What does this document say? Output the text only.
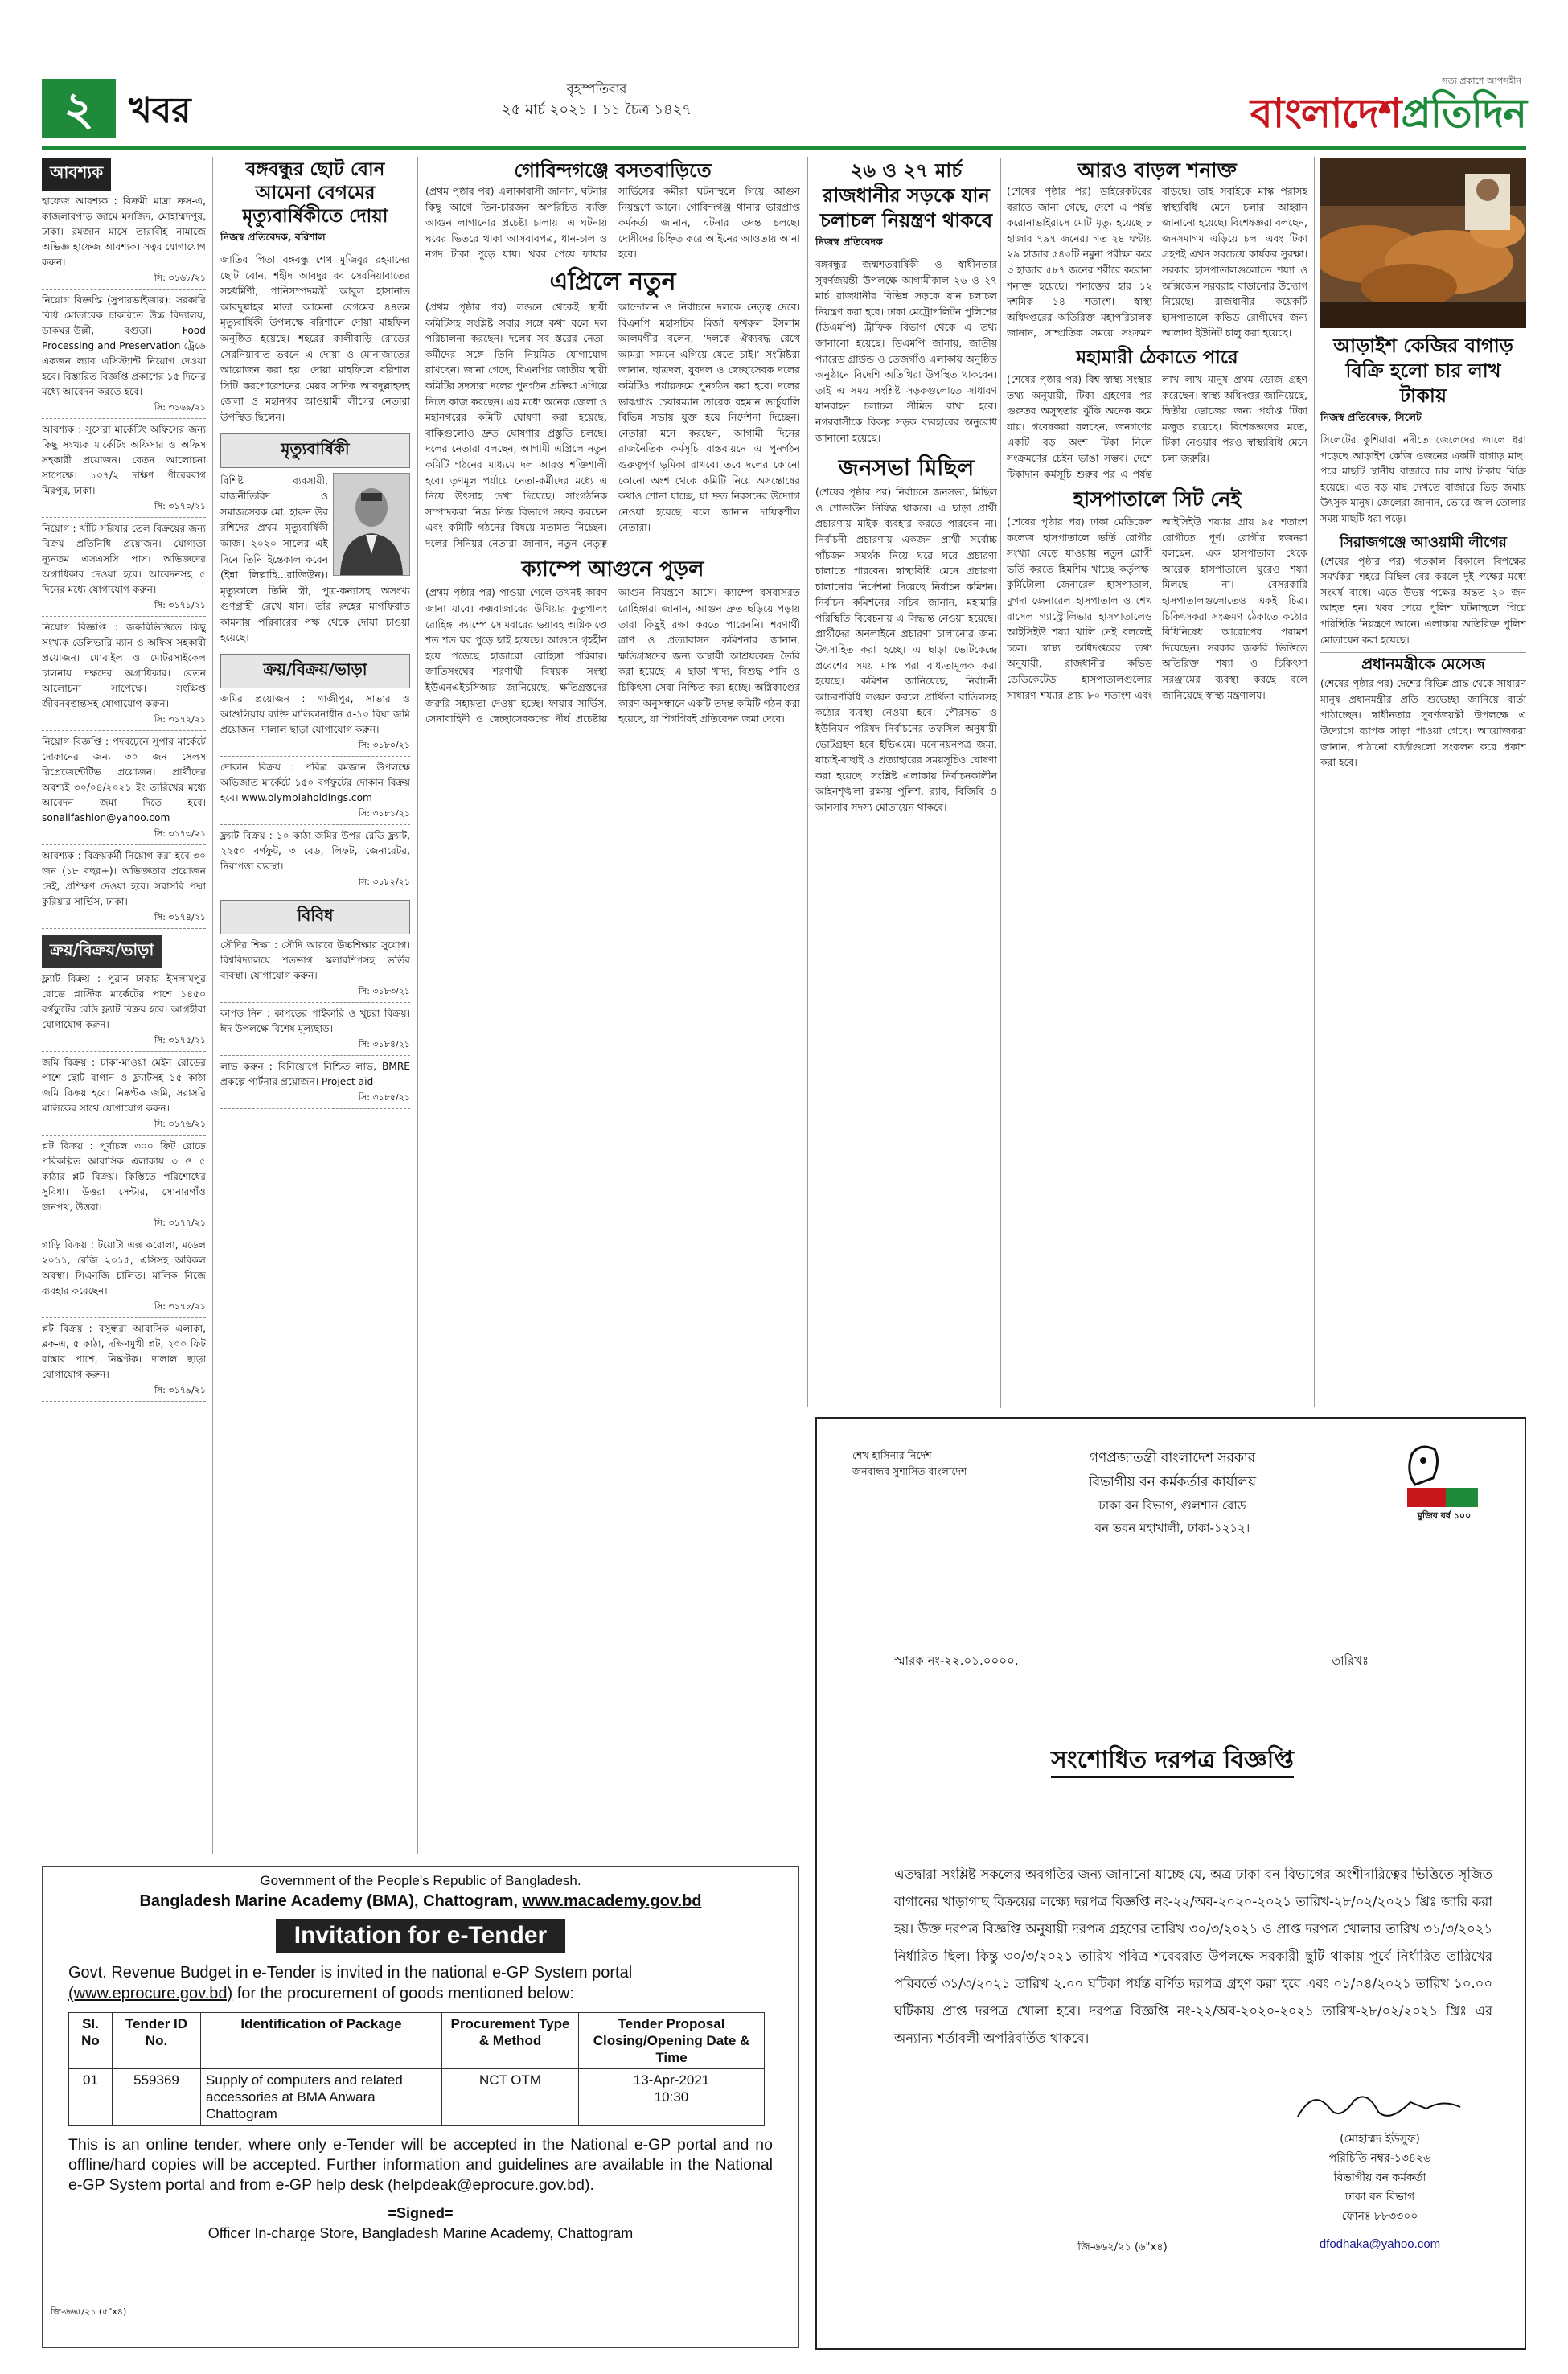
২ খবর
বৃহস্পতিবার
২৫ মার্চ ২০২১ । ১১ চৈত্র ১৪২৭
সত্য প্রকাশে আপসহীন
বাংলাদেশপ্রতিদিন
আবশ্যক
হাফেজ আবশ্যক : বিক্রমী মাদ্রা ক্রস-এ, কাজলারপাড় জামে মসজিদ, মোহাম্মদপুর, ঢাকা। রমজান মাসে তারাবীহ নামাজে অভিজ্ঞ হাফেজ আবশ্যক। সত্বর যোগাযোগ করুন।
সি: ৩১৬৮/২১
নিয়োগ বিজ্ঞপ্তি (সুপারভাইজার): সরকারি বিধি মোতাবেক চাকরিতে উচ্চ বিদ্যালয়, ডাকঘর-উল্লী, বগুড়া। Food Processing and Preservation ট্রেডে একজন ল্যাব এসিস্ট্যান্ট নিয়োগ দেওয়া হবে। বিস্তারিত বিজ্ঞপ্তি প্রকাশের ১৫ দিনের মধ্যে আবেদন করতে হবে।
সি: ৩১৬৯/২১
আবশ্যক : সুসেরা মার্কেটিং অফিসের জন্য কিছু সংখ্যক মার্কেটিং অফিসার ও অফিস সহকারী প্রয়োজন। বেতন আলোচনা সাপেক্ষে। ১০৭/২ দক্ষিণ পীরেরবাগ মিরপুর, ঢাকা।
সি: ৩১৭০/২১
নিয়োগ : খাঁটি সরিষার তেল বিক্রয়ের জন্য বিক্রয় প্রতিনিধি প্রয়োজন। যোগ্যতা ন্যূনতম এসএসসি পাস। অভিজ্ঞদের অগ্রাধিকার দেওয়া হবে। আবেদনসহ ৫ দিনের মধ্যে যোগাযোগ করুন।
সি: ৩১৭১/২১
নিয়োগ বিজ্ঞপ্তি : জরুরিভিত্তিতে কিছু সংখ্যক ডেলিভারি ম্যান ও অফিস সহকারী প্রয়োজন। মোবাইল ও মোটরসাইকেল চালনায় দক্ষদের অগ্রাধিকার। বেতন আলোচনা সাপেক্ষে। সংক্ষিপ্ত জীবনবৃত্তান্তসহ যোগাযোগ করুন।
সি: ৩১৭২/২১
নিয়োগ বিজ্ঞপ্তি : পদবঢ়েনে সুপার মার্কেটে দোকানের জন্য ৩০ জন সেলস রিপ্রেজেন্টেটিভ প্রয়োজন। প্রার্থীদের অবশ্যই ৩০/০৪/২০২১ ইং তারিখের মধ্যে আবেদন জমা দিতে হবে। sonalifashion@yahoo.com
সি: ৩১৭৩/২১
আবশ্যক : বিক্রয়কর্মী নিয়োগ করা হবে ৩০ জন (১৮ বছর+)। অভিজ্ঞতার প্রয়োজন নেই, প্রশিক্ষণ দেওয়া হবে। সরাসরি পদ্মা কুরিয়ার সার্ভিস, ঢাকা।
সি: ৩১৭৪/২১
ক্রয়/বিক্রয়/ভাড়া
ফ্ল্যাট বিক্রয় : পুরান ঢাকার ইসলামপুর রোডে প্লাস্টিক মার্কেটের পাশে ১৪৫০ বর্গফুটের রেডি ফ্ল্যাট বিক্রয় হবে। আগ্রহীরা যোগাযোগ করুন।
সি: ৩১৭৫/২১
জমি বিক্রয় : ঢাকা-মাওয়া মেইন রোডের পাশে ছোট বাগান ও ফ্ল্যাটসহ ১৫ কাঠা জমি বিক্রয় হবে। নিষ্কণ্টক জমি, সরাসরি মালিকের সাথে যোগাযোগ করুন।
সি: ৩১৭৬/২১
প্লট বিক্রয় : পূর্বাচল ৩০০ ফিট রোডে পরিকল্পিত আবাসিক এলাকায় ৩ ও ৫ কাঠার প্লট বিক্রয়। কিস্তিতে পরিশোধের সুবিধা। উত্তরা সেন্টার, সোনারগাঁও জনপথ, উত্তরা।
সি: ৩১৭৭/২১
গাড়ি বিক্রয় : টয়োটা এক্স করোলা, মডেল ২০১১, রেজি ২০১৫, এসিসহ অবিকল অবস্থা। সিএনজি চালিত। মালিক নিজে ব্যবহার করেছেন।
সি: ৩১৭৮/২১
প্লট বিক্রয় : বসুন্ধরা আবাসিক এলাকা, ব্লক-এ, ৫ কাঠা, দক্ষিণমুখী প্লট, ২০০ ফিট রাস্তার পাশে, নিষ্কণ্টক। দালাল ছাড়া যোগাযোগ করুন।
সি: ৩১৭৯/২১
বঙ্গবন্ধুর ছোট বোন আমেনা বেগমের মৃত্যুবার্ষিকীতে দোয়া
নিজস্ব প্রতিবেদক, বরিশাল
জাতির পিতা বঙ্গবন্ধু শেখ মুজিবুর রহমানের ছোট বোন, শহীদ আবদুর রব সেরনিয়াবাতের সহধর্মিণী, পানিসম্পদমন্ত্রী আবুল হাসানাত আবদুল্লাহর মাতা আমেনা বেগমের ৪৪তম মৃত্যুবার্ষিকী উপলক্ষে বরিশালে দোয়া মাহফিল অনুষ্ঠিত হয়েছে। শহরের কালীবাড়ি রোডের সেরনিয়াবাত ভবনে এ দোয়া ও মোনাজাতের আয়োজন করা হয়। দোয়া মাহফিলে বরিশাল সিটি করপোরেশনের মেয়র সাদিক আবদুল্লাহসহ জেলা ও মহানগর আওয়ামী লীগের নেতারা উপস্থিত ছিলেন।
মৃত্যুবার্ষিকী
বিশিষ্ট ব্যবসায়ী, রাজনীতিবিদ ও সমাজসেবক মো. হারুন উর রশিদের প্রথম মৃত্যুবার্ষিকী আজ। ২০২০ সালের এই দিনে তিনি ইন্তেকাল করেন (ইন্না লিল্লাহি...রাজিউন)। মৃত্যুকালে তিনি স্ত্রী, পুত্র-কন্যাসহ অসংখ্য গুণগ্রাহী রেখে যান। তাঁর রুহের মাগফিরাত কামনায় পরিবারের পক্ষ থেকে দোয়া চাওয়া হয়েছে।
ক্রয়/বিক্রয়/ভাড়া
জমির প্রয়োজন : গাজীপুর, সাভার ও আশুলিয়ায় ব্যক্তি মালিকানাধীন ৫-১০ বিঘা জমি প্রয়োজন। দালাল ছাড়া যোগাযোগ করুন।
সি: ৩১৮০/২১
দোকান বিক্রয় : পবিত্র রমজান উপলক্ষে অভিজাত মার্কেটে ১৫০ বর্গফুটের দোকান বিক্রয় হবে। www.olympiaholdings.com
সি: ৩১৮১/২১
ফ্ল্যাট বিক্রয় : ১০ কাঠা জমির উপর রেডি ফ্ল্যাট, ২২৫০ বর্গফুট, ৩ বেড, লিফট, জেনারেটর, নিরাপত্তা ব্যবস্থা।
সি: ৩১৮২/২১
বিবিধ
সৌদির শিক্ষা : সৌদি আরবে উচ্চশিক্ষার সুযোগ। বিশ্ববিদ্যালয়ে শতভাগ স্কলারশিপসহ ভর্তির ব্যবস্থা। যোগাযোগ করুন।
সি: ৩১৮৩/২১
কাপড় নিন : কাপড়ের পাইকারি ও খুচরা বিক্রয়। ঈদ উপলক্ষে বিশেষ মূল্যছাড়।
সি: ৩১৮৪/২১
লাভ করুন : বিনিয়োগে নিশ্চিত লাভ, BMRE প্রকল্পে পার্টনার প্রয়োজন। Project aid
সি: ৩১৮৫/২১
গোবিন্দগঞ্জে বসতবাড়িতে
(প্রথম পৃষ্ঠার পর) এলাকাবাসী জানান, ঘটনার কিছু আগে তিন-চারজন অপরিচিত ব্যক্তি আগুন লাগানোর প্রচেষ্টা চালায়। এ ঘটনায় ঘরের ভিতরে থাকা আসবাবপত্র, ধান-চাল ও নগদ টাকা পুড়ে যায়। খবর পেয়ে ফায়ার সার্ভিসের কর্মীরা ঘটনাস্থলে গিয়ে আগুন নিয়ন্ত্রণে আনে। গোবিন্দগঞ্জ থানার ভারপ্রাপ্ত কর্মকর্তা জানান, ঘটনার তদন্ত চলছে। দোষীদের চিহ্নিত করে আইনের আওতায় আনা হবে।
এপ্রিলে নতুন
(প্রথম পৃষ্ঠার পর) লন্ডনে থেকেই স্থায়ী কমিটিসহ সংশ্লিষ্ট সবার সঙ্গে কথা বলে দল পরিচালনা করছেন। দলের সব স্তরের নেতা-কর্মীদের সঙ্গে তিনি নিয়মিত যোগাযোগ রাখছেন। জানা গেছে, বিএনপির জাতীয় স্থায়ী কমিটির সদস্যরা দলের পুনর্গঠন প্রক্রিয়া এগিয়ে নিতে কাজ করছেন। এর মধ্যে অনেক জেলা ও মহানগরের কমিটি ঘোষণা করা হয়েছে, বাকিগুলোও দ্রুত ঘোষণার প্রস্তুতি চলছে। দলের নেতারা বলছেন, আগামী এপ্রিলে নতুন কমিটি গঠনের মাধ্যমে দল আরও শক্তিশালী হবে। তৃণমূল পর্যায়ে নেতা-কর্মীদের মধ্যে এ নিয়ে উৎসাহ দেখা দিয়েছে। সাংগঠনিক সম্পাদকরা নিজ নিজ বিভাগে সফর করছেন এবং কমিটি গঠনের বিষয়ে মতামত নিচ্ছেন। দলের সিনিয়র নেতারা জানান, নতুন নেতৃত্ব আন্দোলন ও নির্বাচনে দলকে নেতৃত্ব দেবে। বিএনপি মহাসচিব মির্জা ফখরুল ইসলাম আলমগীর বলেন, ‘দলকে ঐক্যবদ্ধ রেখে আমরা সামনে এগিয়ে যেতে চাই।’ সংশ্লিষ্টরা জানান, ছাত্রদল, যুবদল ও স্বেচ্ছাসেবক দলের কমিটিও পর্যায়ক্রমে পুনর্গঠন করা হবে। দলের ভারপ্রাপ্ত চেয়ারম্যান তারেক রহমান ভার্চুয়ালি বিভিন্ন সভায় যুক্ত হয়ে নির্দেশনা দিচ্ছেন। নেতারা মনে করছেন, আগামী দিনের রাজনৈতিক কর্মসূচি বাস্তবায়নে এ পুনর্গঠন গুরুত্বপূর্ণ ভূমিকা রাখবে। তবে দলের কোনো কোনো অংশ থেকে কমিটি নিয়ে অসন্তোষের কথাও শোনা যাচ্ছে, যা দ্রুত নিরসনের উদ্যোগ নেওয়া হয়েছে বলে জানান দায়িত্বশীল নেতারা।
ক্যাম্পে আগুনে পুড়ল
(প্রথম পৃষ্ঠার পর) পাওয়া গেলে তখনই কারণ জানা যাবে। কক্সবাজারের উখিয়ার কুতুপালং রোহিঙ্গা ক্যাম্পে সোমবারের ভয়াবহ অগ্নিকাণ্ডে শত শত ঘর পুড়ে ছাই হয়েছে। আগুনে গৃহহীন হয়ে পড়েছে হাজারো রোহিঙ্গা পরিবার। জাতিসংঘের শরণার্থী বিষয়ক সংস্থা ইউএনএইচসিআর জানিয়েছে, ক্ষতিগ্রস্তদের জরুরি সহায়তা দেওয়া হচ্ছে। ফায়ার সার্ভিস, সেনাবাহিনী ও স্বেচ্ছাসেবকদের দীর্ঘ প্রচেষ্টায় আগুন নিয়ন্ত্রণে আসে। ক্যাম্পে বসবাসরত রোহিঙ্গারা জানান, আগুন দ্রুত ছড়িয়ে পড়ায় তারা কিছুই রক্ষা করতে পারেননি। শরণার্থী ত্রাণ ও প্রত্যাবাসন কমিশনার জানান, ক্ষতিগ্রস্তদের জন্য অস্থায়ী আশ্রয়কেন্দ্র তৈরি করা হয়েছে। এ ছাড়া খাদ্য, বিশুদ্ধ পানি ও চিকিৎসা সেবা নিশ্চিত করা হচ্ছে। অগ্নিকাণ্ডের কারণ অনুসন্ধানে একটি তদন্ত কমিটি গঠন করা হয়েছে, যা শিগগিরই প্রতিবেদন জমা দেবে।
২৬ ও ২৭ মার্চ রাজধানীর সড়কে যান চলাচল নিয়ন্ত্রণ থাকবে
নিজস্ব প্রতিবেদক
বঙ্গবন্ধুর জন্মশতবার্ষিকী ও স্বাধীনতার সুবর্ণজয়ন্তী উপলক্ষে আগামীকাল ২৬ ও ২৭ মার্চ রাজধানীর বিভিন্ন সড়কে যান চলাচল নিয়ন্ত্রণ করা হবে। ঢাকা মেট্রোপলিটন পুলিশের (ডিএমপি) ট্রাফিক বিভাগ থেকে এ তথ্য জানানো হয়েছে। ডিএমপি জানায়, জাতীয় প্যারেড গ্রাউন্ড ও তেজগাঁও এলাকায় অনুষ্ঠিত অনুষ্ঠানে বিদেশি অতিথিরা উপস্থিত থাকবেন। তাই এ সময় সংশ্লিষ্ট সড়কগুলোতে সাধারণ যানবাহন চলাচল সীমিত রাখা হবে। নগরবাসীকে বিকল্প সড়ক ব্যবহারের অনুরোধ জানানো হয়েছে।
জনসভা মিছিল
(শেষের পৃষ্ঠার পর) নির্বাচনে জনসভা, মিছিল ও শোডাউন নিষিদ্ধ থাকবে। এ ছাড়া প্রার্থী প্রচারণায় মাইক ব্যবহার করতে পারবেন না। নির্বাচনী প্রচারণায় একজন প্রার্থী সর্বোচ্চ পাঁচজন সমর্থক নিয়ে ঘরে ঘরে প্রচারণা চালাতে পারবেন। স্বাস্থ্যবিধি মেনে প্রচারণা চালানোর নির্দেশনা দিয়েছে নির্বাচন কমিশন। নির্বাচন কমিশনের সচিব জানান, মহামারি পরিস্থিতি বিবেচনায় এ সিদ্ধান্ত নেওয়া হয়েছে। প্রার্থীদের অনলাইনে প্রচারণা চালানোর জন্য উৎসাহিত করা হচ্ছে। এ ছাড়া ভোটকেন্দ্রে প্রবেশের সময় মাস্ক পরা বাধ্যতামূলক করা হয়েছে। কমিশন জানিয়েছে, নির্বাচনী আচরণবিধি লঙ্ঘন করলে প্রার্থিতা বাতিলসহ কঠোর ব্যবস্থা নেওয়া হবে। পৌরসভা ও ইউনিয়ন পরিষদ নির্বাচনের তফসিল অনুযায়ী ভোটগ্রহণ হবে ইভিএমে। মনোনয়নপত্র জমা, যাচাই-বাছাই ও প্রত্যাহারের সময়সূচিও ঘোষণা করা হয়েছে। সংশ্লিষ্ট এলাকায় নির্বাচনকালীন আইনশৃঙ্খলা রক্ষায় পুলিশ, র‌্যাব, বিজিবি ও আনসার সদস্য মোতায়েন থাকবে।
আরও বাড়ল শনাক্ত
(শেষের পৃষ্ঠার পর) ডাইরেকটরের বরাতে জানা গেছে, দেশে এ পর্যন্ত করোনাভাইরাসে মোট মৃত্যু হয়েছে ৮ হাজার ৭৯৭ জনের। গত ২৪ ঘণ্টায় ২৯ হাজার ৫৪০টি নমুনা পরীক্ষা করে ৩ হাজার ৫৮৭ জনের শরীরে করোনা শনাক্ত হয়েছে। শনাক্তের হার ১২ দশমিক ১৪ শতাংশ। স্বাস্থ্য অধিদপ্তরের অতিরিক্ত মহাপরিচালক জানান, সাম্প্রতিক সময়ে সংক্রমণ বাড়ছে। তাই সবাইকে মাস্ক পরাসহ স্বাস্থ্যবিধি মেনে চলার আহ্বান জানানো হয়েছে। বিশেষজ্ঞরা বলছেন, জনসমাগম এড়িয়ে চলা এবং টিকা গ্রহণই এখন সবচেয়ে কার্যকর সুরক্ষা। সরকার হাসপাতালগুলোতে শয্যা ও অক্সিজেন সরবরাহ বাড়ানোর উদ্যোগ নিয়েছে। রাজধানীর কয়েকটি হাসপাতালে কভিড রোগীদের জন্য আলাদা ইউনিট চালু করা হয়েছে।
মহামারী ঠেকাতে পারে
(শেষের পৃষ্ঠার পর) বিশ্ব স্বাস্থ্য সংস্থার তথ্য অনুযায়ী, টিকা গ্রহণের পর গুরুতর অসুস্থতার ঝুঁকি অনেক কমে যায়। গবেষকরা বলছেন, জনগণের একটি বড় অংশ টিকা নিলে সংক্রমণের চেইন ভাঙা সম্ভব। দেশে টিকাদান কর্মসূচি শুরুর পর এ পর্যন্ত লাখ লাখ মানুষ প্রথম ডোজ গ্রহণ করেছেন। স্বাস্থ্য অধিদপ্তর জানিয়েছে, দ্বিতীয় ডোজের জন্য পর্যাপ্ত টিকা মজুত রয়েছে। বিশেষজ্ঞদের মতে, টিকা নেওয়ার পরও স্বাস্থ্যবিধি মেনে চলা জরুরি।
হাসপাতালে সিট নেই
(শেষের পৃষ্ঠার পর) ঢাকা মেডিকেল কলেজ হাসপাতালে ভর্তি রোগীর সংখ্যা বেড়ে যাওয়ায় নতুন রোগী ভর্তি করতে হিমশিম খাচ্ছে কর্তৃপক্ষ। কুর্মিটোলা জেনারেল হাসপাতাল, মুগদা জেনারেল হাসপাতাল ও শেখ রাসেল গ্যাস্ট্রোলিভার হাসপাতালেও আইসিইউ শয্যা খালি নেই বললেই চলে। স্বাস্থ্য অধিদপ্তরের তথ্য অনুযায়ী, রাজধানীর কভিড ডেডিকেটেড হাসপাতালগুলোর সাধারণ শয্যার প্রায় ৮০ শতাংশ এবং আইসিইউ শয্যার প্রায় ৯৫ শতাংশ রোগীতে পূর্ণ। রোগীর স্বজনরা বলছেন, এক হাসপাতাল থেকে আরেক হাসপাতালে ঘুরেও শয্যা মিলছে না। বেসরকারি হাসপাতালগুলোতেও একই চিত্র। চিকিৎসকরা সংক্রমণ ঠেকাতে কঠোর বিধিনিষেধ আরোপের পরামর্শ দিয়েছেন। সরকার জরুরি ভিত্তিতে অতিরিক্ত শয্যা ও চিকিৎসা সরঞ্জামের ব্যবস্থা করছে বলে জানিয়েছে স্বাস্থ্য মন্ত্রণালয়।
আড়াইশ কেজির বাগাড় বিক্রি হলো চার লাখ টাকায়
নিজস্ব প্রতিবেদক, সিলেট
সিলেটের কুশিয়ারা নদীতে জেলেদের জালে ধরা পড়েছে আড়াইশ কেজি ওজনের একটি বাগাড় মাছ। পরে মাছটি স্থানীয় বাজারে চার লাখ টাকায় বিক্রি হয়েছে। এত বড় মাছ দেখতে বাজারে ভিড় জমায় উৎসুক মানুষ। জেলেরা জানান, ভোরে জাল তোলার সময় মাছটি ধরা পড়ে।
সিরাজগঞ্জে আওয়ামী লীগের
(শেষের পৃষ্ঠার পর) গতকাল বিকালে বিপক্ষের সমর্থকরা শহরে মিছিল বের করলে দুই পক্ষের মধ্যে সংঘর্ষ বাধে। এতে উভয় পক্ষের অন্তত ২০ জন আহত হন। খবর পেয়ে পুলিশ ঘটনাস্থলে গিয়ে পরিস্থিতি নিয়ন্ত্রণে আনে। এলাকায় অতিরিক্ত পুলিশ মোতায়েন করা হয়েছে।
প্রধানমন্ত্রীকে মেসেজ
(শেষের পৃষ্ঠার পর) দেশের বিভিন্ন প্রান্ত থেকে সাধারণ মানুষ প্রধানমন্ত্রীর প্রতি শুভেচ্ছা জানিয়ে বার্তা পাঠাচ্ছেন। স্বাধীনতার সুবর্ণজয়ন্তী উপলক্ষে এ উদ্যোগে ব্যাপক সাড়া পাওয়া গেছে। আয়োজকরা জানান, পাঠানো বার্তাগুলো সংকলন করে প্রকাশ করা হবে।
শেখ হাসিনার নির্দেশ
জনবান্ধব সুশাসিত বাংলাদেশ
গণপ্রজাতন্ত্রী বাংলাদেশ সরকার
বিভাগীয় বন কর্মকর্তার কার্যালয়
ঢাকা বন বিভাগ, গুলশান রোড
বন ভবন মহাখালী, ঢাকা-১২১২।
মুজিব বর্ষ ১০০
স্মারক নং-২২.০১.০০০০.	তারিখঃ
সংশোধিত দরপত্র বিজ্ঞপ্তি
এতদ্বারা সংশ্লিষ্ট সকলের অবগতির জন্য জানানো যাচ্ছে যে, অত্র ঢাকা বন বিভাগের অংশীদারিত্বের ভিত্তিতে সৃজিত বাগানের খাড়াগাছ বিক্রয়ের লক্ষ্যে দরপত্র বিজ্ঞপ্তি নং-২২/অব-২০২০-২০২১ তারিখ-২৮/০২/২০২১ খ্রিঃ জারি করা হয়। উক্ত দরপত্র বিজ্ঞপ্তি অনুযায়ী দরপত্র গ্রহণের তারিখ ৩০/৩/২০২১ ও প্রাপ্ত দরপত্র খোলার তারিখ ৩১/৩/২০২১ নির্ধারিত ছিল। কিন্তু ৩০/৩/২০২১ তারিখ পবিত্র শবেবরাত উপলক্ষে সরকারী ছুটি থাকায় পূর্বে নির্ধারিত তারিখের পরিবর্তে ৩১/৩/২০২১ তারিখ ২.০০ ঘটিকা পর্যন্ত বর্ণিত দরপত্র গ্রহণ করা হবে এবং ০১/০৪/২০২১ তারিখ ১০.০০ ঘটিকায় প্রাপ্ত দরপত্র খোলা হবে। দরপত্র বিজ্ঞপ্তি নং-২২/অব-২০২০-২০২১ তারিখ-২৮/০২/২০২১ খ্রিঃ এর অন্যান্য শর্তাবলী অপরিবর্তিত থাকবে।
(মোহাম্মদ ইউসুফ)
পরিচিতি নম্বর-১৩৪২৬
বিভাগীয় বন কর্মকর্তা
ঢাকা বন বিভাগ
ফোনঃ ৮৮৩৩০০
জি-৬৬২/২১ (৬"x৪)	dfodhaka@yahoo.com
Government of the People's Republic of Bangladesh.
Bangladesh Marine Academy (BMA), Chattogram, www.macademy.gov.bd
Invitation for e-Tender
Govt. Revenue Budget in e-Tender is invited in the national e-GP System portal (www.eprocure.gov.bd) for the procurement of goods mentioned below:
Sl. No	Tender ID No.	Identification of Package	Procurement Type & Method	Tender Proposal Closing/Opening Date & Time
01	559369	Supply of computers and related accessories at BMA Anwara Chattogram	NCT OTM	13-Apr-2021
10:30
This is an online tender, where only e-Tender will be accepted in the National e-GP portal and no offline/hard copies will be accepted. Further information and guidelines are available in the National e-GP System portal and from e-GP help desk (helpdeak@eprocure.gov.bd).
=Signed=
জি-৬৬৫/২১ (৫"x৪)
Officer In-charge Store, Bangladesh Marine Academy, Chattogram
